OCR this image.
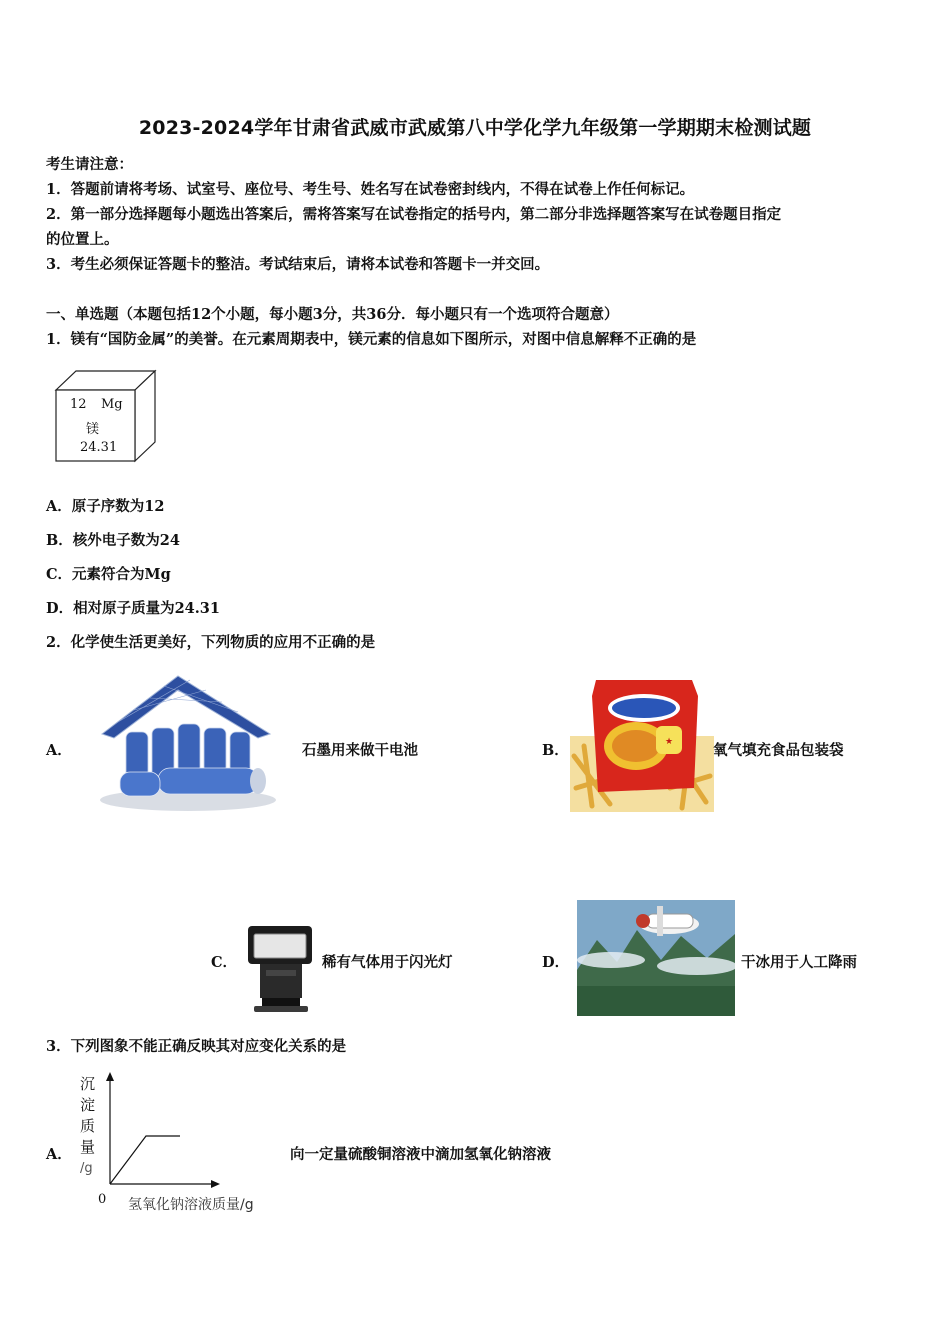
2023-2024学年甘肃省武威市武威第八中学化学九年级第一学期期末检测试题
考生请注意：
1．答题前请将考场、试室号、座位号、考生号、姓名写在试卷密封线内，不得在试卷上作任何标记。
2．第一部分选择题每小题选出答案后，需将答案写在试卷指定的括号内，第二部分非选择题答案写在试卷题目指定
的位置上。
3．考生必须保证答题卡的整洁。考试结束后，请将本试卷和答题卡一并交回。
一、单选题（本题包括12个小题，每小题3分，共36分．每小题只有一个选项符合题意）
1．镁有“国防金属”的美誉。在元素周期表中，镁元素的信息如下图所示，对图中信息解释不正确的是
12 Mg
镁
24.31
A．原子序数为12
B．核外电子数为24
C．元素符合为Mg
D．相对原子质量为24.31
2．化学使生活更美好，下列物质的应用不正确的是
A．	石墨用来做干电池	B．	★	氧气填充食品包装袋
C．	稀有气体用于闪光灯	D．	干冰用于人工降雨
3．下列图象不能正确反映其对应变化关系的是
A．
沉
淀
质
量
/g
0 氢氧化钠溶液质量/g
向一定量硫酸铜溶液中滴加氢氧化钠溶液
